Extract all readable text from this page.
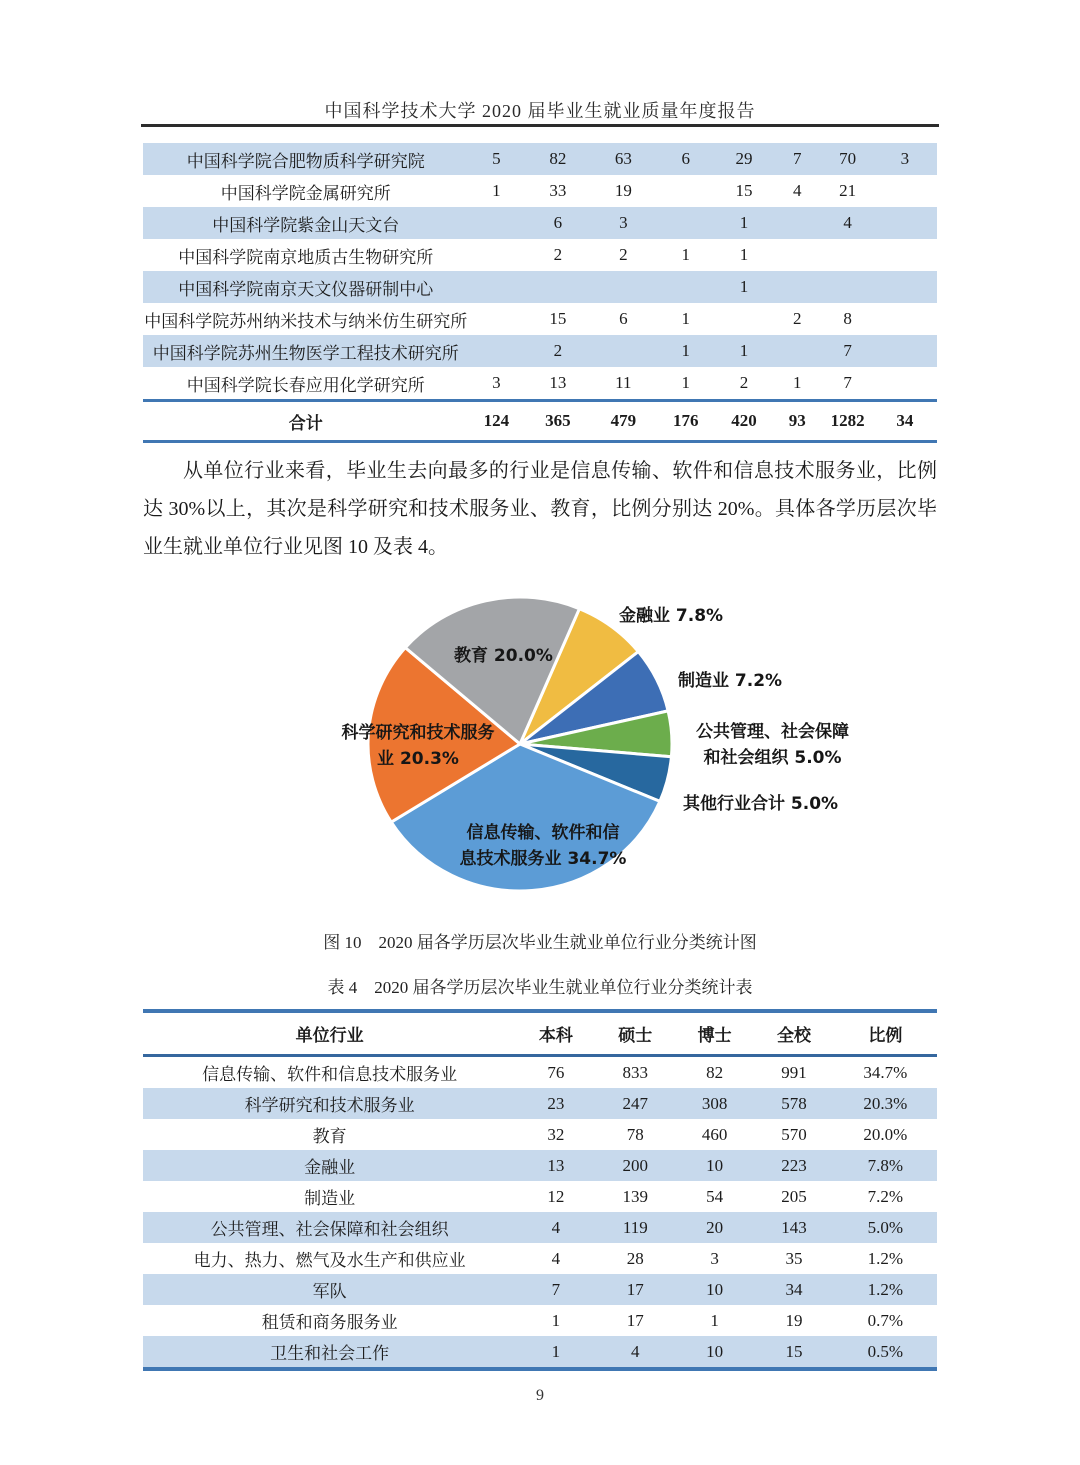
中国科学技术大学 2020 届毕业生就业质量年度报告
中国科学院合肥物质科学研究院	5	82	63	6	29	7	70	3
中国科学院金属研究所	1	33	19		15	4	21	
中国科学院紫金山天文台		6	3		1		4	
中国科学院南京地质古生物研究所		2	2	1	1			
中国科学院南京天文仪器研制中心					1			
中国科学院苏州纳米技术与纳米仿生研究所		15	6	1		2	8	
中国科学院苏州生物医学工程技术研究所		2		1	1		7	
中国科学院长春应用化学研究所	3	13	11	1	2	1	7	
合计	124	365	479	176	420	93	1282	34
从单位行业来看，毕业生去向最多的行业是信息传输、软件和信息技术服务业，比例达 30%以上，其次是科学研究和技术服务业、教育，比例分别达 20%。具体各学历层次毕业生就业单位行业见图 10 及表 4。
金融业 7.8%
制造业 7.2%
公共管理、社会保障
和社会组织 5.0%
其他行业合计 5.0%
信息传输、软件和信
息技术服务业 34.7%
科学研究和技术服务
业 20.3%
教育 20.0%
图 10　2020 届各学历层次毕业生就业单位行业分类统计图
表 4　2020 届各学历层次毕业生就业单位行业分类统计表
单位行业	本科	硕士	博士	全校	比例
信息传输、软件和信息技术服务业	76	833	82	991	34.7%
科学研究和技术服务业	23	247	308	578	20.3%
教育	32	78	460	570	20.0%
金融业	13	200	10	223	7.8%
制造业	12	139	54	205	7.2%
公共管理、社会保障和社会组织	4	119	20	143	5.0%
电力、热力、燃气及水生产和供应业	4	28	3	35	1.2%
军队	7	17	10	34	1.2%
租赁和商务服务业	1	17	1	19	0.7%
卫生和社会工作	1	4	10	15	0.5%
9
